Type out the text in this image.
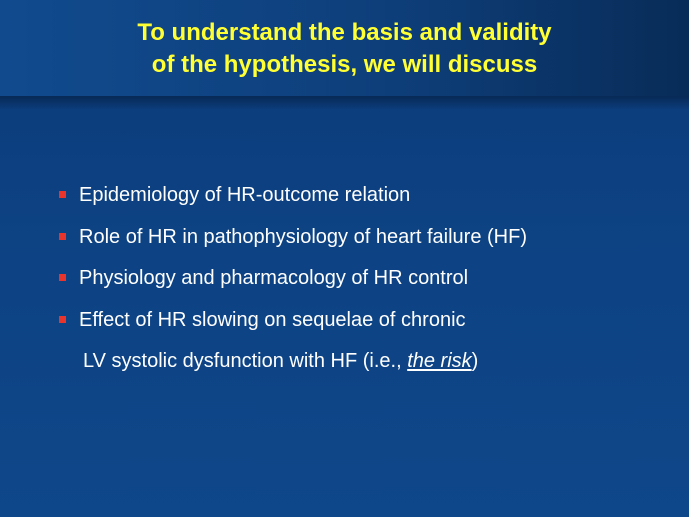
To understand the basis and validity
of the hypothesis, we will discuss
Epidemiology of HR-outcome relation
Role of HR in pathophysiology of heart failure (HF)
Physiology and pharmacology of HR control
Effect of HR slowing on sequelae of chronic
LV systolic dysfunction with HF (i.e., the risk)
